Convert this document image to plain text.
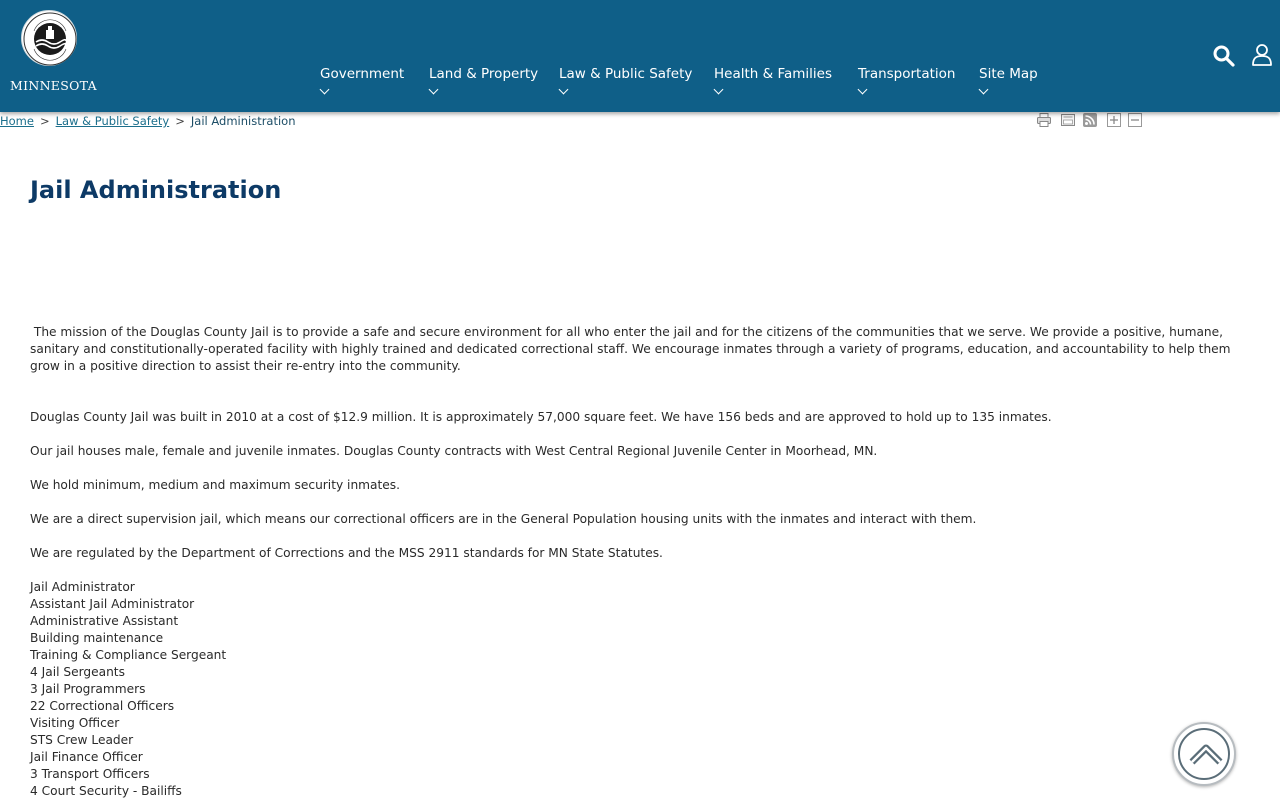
MINNESOTA
Government Land & Property Law & Public Safety Health & Families Transportation Site Map
Home > Law & Public Safety > Jail Administration
Jail Administration

The mission of the Douglas County Jail is to provide a safe and secure environment for all who enter the jail and for the citizens of the communities that we serve. We provide a positive, humane, sanitary and constitutionally-operated facility with highly trained and dedicated correctional staff. We encourage inmates through a variety of programs, education, and accountability to help them grow in a positive direction to assist their re-entry into the community.

Douglas County Jail was built in 2010 at a cost of $12.9 million. It is approximately 57,000 square feet. We have 156 beds and are approved to hold up to 135 inmates.

Our jail houses male, female and juvenile inmates. Douglas County contracts with West Central Regional Juvenile Center in Moorhead, MN.

We hold minimum, medium and maximum security inmates.

We are a direct supervision jail, which means our correctional officers are in the General Population housing units with the inmates and interact with them.

We are regulated by the Department of Corrections and the MSS 2911 standards for MN State Statutes.

Jail Administrator
Assistant Jail Administrator
Administrative Assistant
Building maintenance
Training & Compliance Sergeant
4 Jail Sergeants
3 Jail Programmers
22 Correctional Officers
Visiting Officer
STS Crew Leader
Jail Finance Officer
3 Transport Officers
4 Court Security - Bailiffs
